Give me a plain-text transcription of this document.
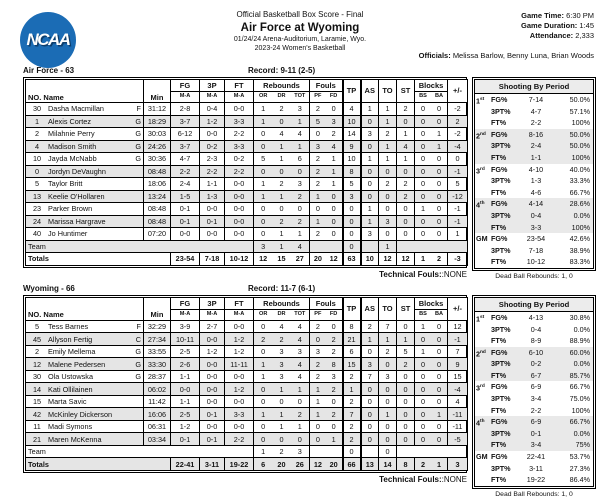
NCAA
Official Basketball Box Score - Final
Air Force at Wyoming
01/24/24 Arena-Auditorium, Laramie, Wyo.
2023-24 Women's Basketball
Game Time: 6:30 PM
Game Duration: 1:45
Attendance: 2,333
Officials: Melissa Barlow, Benny Luna, Brian Woods
Air Force - 63	Record: 9-11 (2-5)
NO. Name	Min	FG	3P	FT	Rebounds	Fouls	TP	AS	TO	ST	Blocks	+/-
		M-A	M-A	M-A	OR DR TOT	PF FD					BS BA	

30 Dasha Macmillan F	31:12	2-8	0-4	0-0	1 2 3	2 0	4	1	1	2	0 0	-2

1 Alexis Cortez G	18:29	3-7	1-2	3-3	1 0 1	5 3	10	0	1	0	0 0	2

2 Milahnie Perry G	30:03	6-12	0-0	2-2	0 4 4	0 2	14	3	2	1	0 1	-2

4 Madison Smith G	24:26	3-7	0-2	3-3	0 1 1	3 4	9	0	1	4	0 1	-4

10 Jayda McNabb G	30:36	4-7	2-3	0-2	5 1 6	2 1	10	1	1	1	0 0	0

0 Jordyn DeVaughn	08:48	2-2	2-2	2-2	0 0 0	2 1	8	0	0	0	0 0	-1

5 Taylor Britt	18:06	2-4	1-1	0-0	1 2 3	2 1	5	0	2	2	0 0	5

13 Keelie O'Hollaren	13:24	1-5	1-3	0-0	1 1 2	1 0	3	0	0	2	0 0	-12

23 Parker Brown	08:48	0-1	0-0	0-0	0 0 0	0 0	0	1	0	0	1 0	-1

24 Marissa Hargrave	08:48	0-1	0-1	0-0	0 2 2	1 0	0	1	3	0	0 0	-1

40 Jo Huntimer	07:20	0-0	0-0	0-0	0 1 1	2 0	0	3	0	0	0 0	1
Team					3 1 4		0		1			
Totals		23-54	7-18	10-12	12 15 27	20 12	63	10	12	12	1 2	-3
Technical Fouls::NONE
Shooting By Period
1st FG%	7-14	50.0%
3PT%	4-7	57.1%
FT%	2-2	100%
2nd FG%	8-16	50.0%
3PT%	2-4	50.0%
FT%	1-1	100%
3rd FG%	4-10	40.0%
3PT%	1-3	33.3%
FT%	4-6	66.7%
4th FG%	4-14	28.6%
3PT%	0-4	0.0%
FT%	3-3	100%
GM FG%	23-54	42.6%
3PT%	7-18	38.9%
FT%	10-12	83.3%
Dead Ball Rebounds: 1, 0
Wyoming - 66	Record: 11-7 (6-1)
NO. Name	Min	FG	3P	FT	Rebounds	Fouls	TP	AS	TO	ST	Blocks	+/-
		M-A	M-A	M-A	OR DR TOT	PF FD					BS BA	

5 Tess Barnes F	32:29	3-9	2-7	0-0	0 4 4	2 0	8	2	7	0	1 0	12

45 Allyson Fertig C	27:34	10-11	0-0	1-2	2 2 4	0 2	21	1	1	1	0 0	-1

2 Emily Mellema G	33:55	2-5	1-2	1-2	0 3 3	3 2	6	0	2	5	1 0	7

12 Malene Pedersen G	33:30	2-6	0-0	11-11	1 3 4	2 8	15	3	0	2	0 0	9

30 Ola Ustowska G	28:37	1-1	0-0	0-0	1 3 4	2 3	2	7	3	0	0 0	15

14 Kati Ollilainen	06:02	0-0	0-0	1-2	0 1 1	1 2	1	0	0	0	0 0	-4

15 Marta Savic	11:42	1-1	0-0	0-0	0 0 0	1 0	2	0	0	0	0 0	4

42 McKinley Dickerson	16:06	2-5	0-1	3-3	1 1 2	1 2	7	0	1	0	0 1	-11

11 Madi Symons	06:31	1-2	0-0	0-0	0 1 1	0 0	2	0	0	0	0 0	-11

21 Maren McKenna	03:34	0-1	0-1	2-2	0 0 0	0 1	2	0	0	0	0 0	-5
Team					1 2 3		0		0			
Totals		22-41	3-11	19-22	6 20 26	12 20	66	13	14	8	2 1	3
Technical Fouls::NONE
Shooting By Period
1st FG%	4-13	30.8%
3PT%	0-4	0.0%
FT%	8-9	88.9%
2nd FG%	6-10	60.0%
3PT%	0-2	0.0%
FT%	6-7	85.7%
3rd FG%	6-9	66.7%
3PT%	3-4	75.0%
FT%	2-2	100%
4th FG%	6-9	66.7%
3PT%	0-1	0.0%
FT%	3-4	75%
GM FG%	22-41	53.7%
3PT%	3-11	27.3%
FT%	19-22	86.4%
Dead Ball Rebounds: 1, 0
